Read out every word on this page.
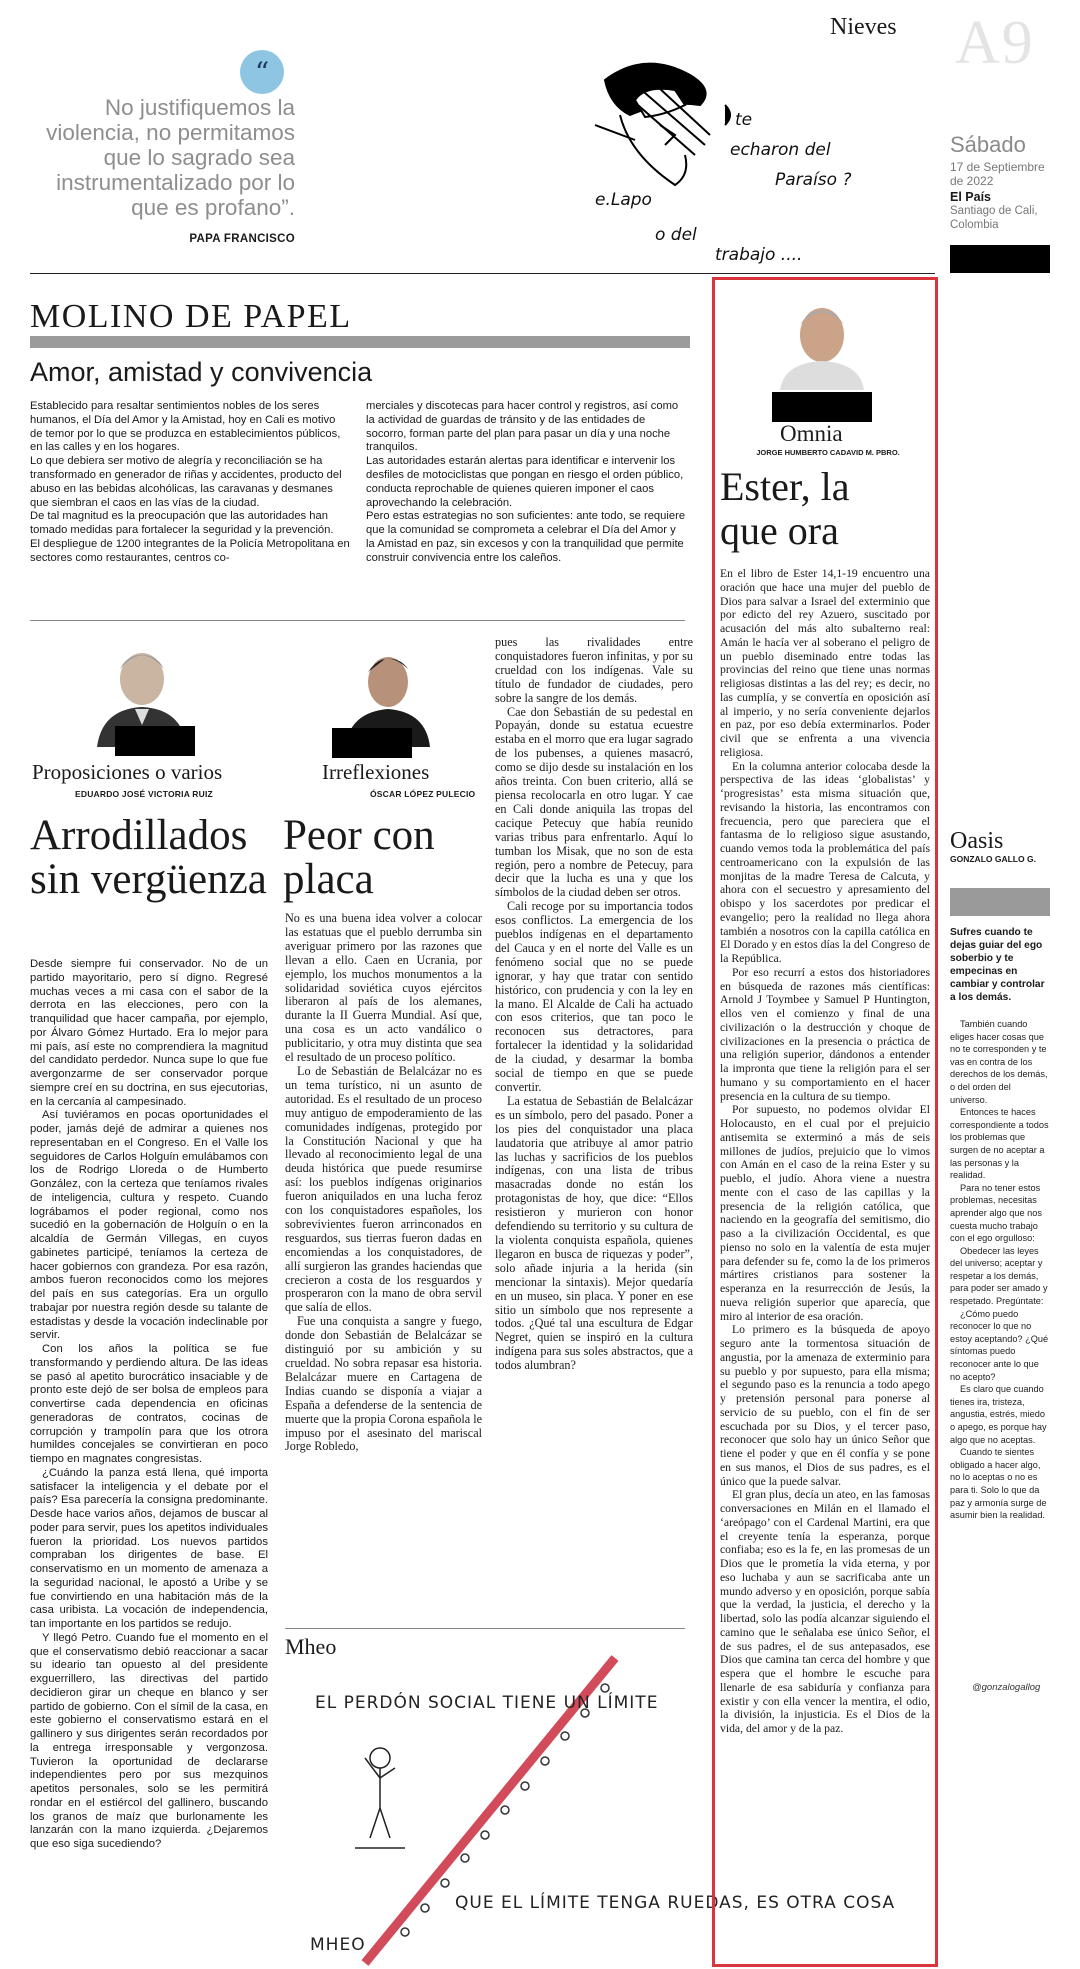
“
No justifiquemos la violencia, no permitamos que lo sagrado sea instrumentalizado por lo que es profano”.
PAPA FRANCISCO
Nieves
e.Lapo
te
echaron del
Paraíso ?
o del
trabajo ....
A9
Sábado
17 de Septiembre de 2022
El País
Santiago de Cali, Colombia
MOLINO DE PAPEL
Amor, amistad y convivencia

Establecido para resaltar sentimientos nobles de los seres humanos, el Día del Amor y la Amistad, hoy en Cali es motivo de temor por lo que se produzca en establecimientos públicos, en las calles y en los hogares.

Lo que debiera ser motivo de alegría y reconciliación se ha transformado en generador de riñas y accidentes, producto del abuso en las bebidas alcohólicas, las caravanas y desmanes que siembran el caos en las vías de la ciudad.

De tal magnitud es la preocupación que las autoridades han tomado medidas para fortalecer la seguridad y la prevención.

El despliegue de 1200 integrantes de la Policía Metropolitana en sectores como restaurantes, centros co-

merciales y discotecas para hacer control y registros, así como la actividad de guardas de tránsito y de las entidades de socorro, forman parte del plan para pasar un día y una noche tranquilos.

Las autoridades estarán alertas para identificar e intervenir los desfiles de motociclistas que pongan en riesgo el orden público, conducta reprochable de quienes quieren imponer el caos aprovechando la celebración.

Pero estas estrategias no son suficientes: ante todo, se requiere que la comunidad se comprometa a celebrar el Día del Amor y la Amistad en paz, sin excesos y con la tranquilidad que permite construir convivencia entre los caleños.

Proposiciones o varios
EDUARDO JOSÉ VICTORIA RUIZ
Arrodillados sin vergüenza

Desde siempre fui conservador. No de un partido mayoritario, pero sí digno. Regresé muchas veces a mi casa con el sabor de la derrota en las elecciones, pero con la tranquilidad que hacer campaña, por ejemplo, por Álvaro Gómez Hurtado. Era lo mejor para mi país, así este no comprendiera la magnitud del candidato perdedor. Nunca supe lo que fue avergonzarme de ser conservador porque siempre creí en su doctrina, en sus ejecutorias, en la cercanía al campesinado.

Así tuviéramos en pocas oportunidades el poder, jamás dejé de admirar a quienes nos representaban en el Congreso. En el Valle los seguidores de Carlos Holguín emulábamos con los de Rodrigo Lloreda o de Humberto González, con la certeza que teníamos rivales de inteligencia, cultura y respeto. Cuando lográbamos el poder regional, como nos sucedió en la gobernación de Holguín o en la alcaldía de Germán Villegas, en cuyos gabinetes participé, teníamos la certeza de hacer gobiernos con grandeza. Por esa razón, ambos fueron reconocidos como los mejores del país en sus categorías. Era un orgullo trabajar por nuestra región desde su talante de estadistas y desde la vocación indeclinable por servir.

Con los años la política se fue transformando y perdiendo altura. De las ideas se pasó al apetito burocrático insaciable y de pronto este dejó de ser bolsa de empleos para convertirse cada dependencia en oficinas generadoras de contratos, cocinas de corrupción y trampolín para que los otrora humildes concejales se convirtieran en poco tiempo en magnates congresistas.

¿Cuándo la panza está llena, qué importa satisfacer la inteligencia y el debate por el país? Esa parecería la consigna predominante. Desde hace varios años, dejamos de buscar al poder para servir, pues los apetitos individuales fueron la prioridad. Los nuevos partidos compraban los dirigentes de base. El conservatismo en un momento de amenaza a la seguridad nacional, le apostó a Uribe y se fue convirtiendo en una habitación más de la casa uribista. La vocación de independencia, tan importante en los partidos se redujo.

Y llegó Petro. Cuando fue el momento en el que el conservatismo debió reaccionar a sacar su ideario tan opuesto al del presidente exguerrillero, las directivas del partido decidieron girar un cheque en blanco y ser partido de gobierno. Con el símil de la casa, en este gobierno el conservatismo estará en el gallinero y sus dirigentes serán recordados por la entrega irresponsable y vergonzosa. Tuvieron la oportunidad de declararse independientes pero por sus mezquinos apetitos personales, solo se les permitirá rondar en el estiércol del gallinero, buscando los granos de maíz que burlonamente les lanzarán con la mano izquierda. ¿Dejaremos que eso siga sucediendo?

Irreflexiones
ÓSCAR LÓPEZ PULECIO
Peor con placa

No es una buena idea volver a colocar las estatuas que el pueblo derrumba sin averiguar primero por las razones que llevan a ello. Caen en Ucrania, por ejemplo, los muchos monumentos a la solidaridad soviética cuyos ejércitos liberaron al país de los alemanes, durante la II Guerra Mundial. Así que, una cosa es un acto vandálico o publicitario, y otra muy distinta que sea el resultado de un proceso político.

Lo de Sebastián de Belalcázar no es un tema turístico, ni un asunto de autoridad. Es el resultado de un proceso muy antiguo de empoderamiento de las comunidades indígenas, protegido por la Constitución Nacional y que ha llevado al reconocimiento legal de una deuda histórica que puede resumirse así: los pueblos indígenas originarios fueron aniquilados en una lucha feroz con los conquistadores españoles, los sobrevivientes fueron arrinconados en resguardos, sus tierras fueron dadas en encomiendas a los conquistadores, de allí surgieron las grandes haciendas que crecieron a costa de los resguardos y prosperaron con la mano de obra servil que salía de ellos.

Fue una conquista a sangre y fuego, donde don Sebastián de Belalcázar se distinguió por su ambición y su crueldad. No sobra repasar esa historia. Belalcázar muere en Cartagena de Indias cuando se disponía a viajar a España a defenderse de la sentencia de muerte que la propia Corona española le impuso por el asesinato del mariscal Jorge Robledo,

pues las rivalidades entre conquistadores fueron infinitas, y por su crueldad con los indígenas. Vale su título de fundador de ciudades, pero sobre la sangre de los demás.

Cae don Sebastián de su pedestal en Popayán, donde su estatua ecuestre estaba en el morro que era lugar sagrado de los pubenses, a quienes masacró, como se dijo desde su instalación en los años treinta. Con buen criterio, allá se piensa recolocarla en otro lugar. Y cae en Cali donde aniquila las tropas del cacique Petecuy que había reunido varias tribus para enfrentarlo. Aquí lo tumban los Misak, que no son de esta región, pero a nombre de Petecuy, para decir que la lucha es una y que los símbolos de la ciudad deben ser otros.

Cali recoge por su importancia todos esos conflictos. La emergencia de los pueblos indígenas en el departamento del Cauca y en el norte del Valle es un fenómeno social que no se puede ignorar, y hay que tratar con sentido histórico, con prudencia y con la ley en la mano. El Alcalde de Cali ha actuado con esos criterios, que tan poco le reconocen sus detractores, para fortalecer la identidad y la solidaridad de la ciudad, y desarmar la bomba social de tiempo en que se puede convertir.

La estatua de Sebastián de Belalcázar es un símbolo, pero del pasado. Poner a los pies del conquistador una placa laudatoria que atribuye al amor patrio las luchas y sacrificios de los pueblos indígenas, con una lista de tribus masacradas donde no están los protagonistas de hoy, que dice: “Ellos resistieron y murieron con honor defendiendo su territorio y su cultura de la violenta conquista española, quienes llegaron en busca de riquezas y poder”, solo añade injuria a la herida (sin mencionar la sintaxis). Mejor quedaría en un museo, sin placa. Y poner en ese sitio un símbolo que nos represente a todos. ¿Qué tal una escultura de Edgar Negret, quien se inspiró en la cultura indígena para sus soles abstractos, que a todos alumbran?

Mheo
EL PERDÓN SOCIAL TIENE UN LÍMITE
QUE EL LÍMITE TENGA RUEDAS, ES OTRA COSA
MHEO
Omnia
JORGE HUMBERTO CADAVID M. PBRO.
Ester, la que ora

En el libro de Ester 14,1-19 encuentro una oración que hace una mujer del pueblo de Dios para salvar a Israel del exterminio que por edicto del rey Azuero, suscitado por acusación del más alto subalterno real: Amán le hacía ver al soberano el peligro de un pueblo diseminado entre todas las provincias del reino que tiene unas normas religiosas distintas a las del rey; es decir, no las cumplía, y se convertía en oposición así al imperio, y no sería conveniente dejarlos en paz, por eso debía exterminarlos. Poder civil que se enfrenta a una vivencia religiosa.

En la columna anterior colocaba desde la perspectiva de las ideas ‘globalistas’ y ‘progresistas’ esta misma situación que, revisando la historia, las encontramos con frecuencia, pero que pareciera que el fantasma de lo religioso sigue asustando, cuando vemos toda la problemática del país centroamericano con la expulsión de las monjitas de la madre Teresa de Calcuta, y ahora con el secuestro y apresamiento del obispo y los sacerdotes por predicar el evangelio; pero la realidad no llega ahora también a nosotros con la capilla católica en El Dorado y en estos días la del Congreso de la República.

Por eso recurrí a estos dos historiadores en búsqueda de razones más científicas: Arnold J Toymbee y Samuel P Huntington, ellos ven el comienzo y final de una civilización o la destrucción y choque de civilizaciones en la presencia o práctica de una religión superior, dándonos a entender la impronta que tiene la religión para el ser humano y su comportamiento en el hacer presencia en la cultura de su tiempo.

Por supuesto, no podemos olvidar El Holocausto, en el cual por el prejuicio antisemita se exterminó a más de seis millones de judíos, prejuicio que lo vimos con Amán en el caso de la reina Ester y su pueblo, el judío. Ahora viene a nuestra mente con el caso de las capillas y la presencia de la religión católica, que naciendo en la geografía del semitismo, dio paso a la civilización Occidental, es que pienso no solo en la valentía de esta mujer para defender su fe, como la de los primeros mártires cristianos para sostener la esperanza en la resurrección de Jesús, la nueva religión superior que aparecía, que miro al interior de esa oración.

Lo primero es la búsqueda de apoyo seguro ante la tormentosa situación de angustia, por la amenaza de exterminio para su pueblo y por supuesto, para ella misma; el segundo paso es la renuncia a todo apego y pretensión personal para ponerse al servicio de su pueblo, con el fin de ser escuchada por su Dios, y el tercer paso, reconocer que solo hay un único Señor que tiene el poder y que en él confía y se pone en sus manos, el Dios de sus padres, es el único que la puede salvar.

El gran plus, decía un ateo, en las famosas conversaciones en Milán en el llamado el ‘areópago’ con el Cardenal Martini, era que el creyente tenía la esperanza, porque confiaba; eso es la fe, en las promesas de un Dios que le prometía la vida eterna, y por eso luchaba y aun se sacrificaba ante un mundo adverso y en oposición, porque sabía que la verdad, la justicia, el derecho y la libertad, solo las podía alcanzar siguiendo el camino que le señalaba ese único Señor, el de sus padres, el de sus antepasados, ese Dios que camina tan cerca del hombre y que espera que el hombre le escuche para llenarle de esa sabiduría y confianza para existir y con ella vencer la mentira, el odio, la división, la injusticia. Es el Dios de la vida, del amor y de la paz.

Oasis
GONZALO GALLO G.
Sufres cuando te dejas guiar del ego soberbio y te empecinas en cambiar y controlar a los demás.

También cuando eliges hacer cosas que no te corresponden y te vas en contra de los derechos de los demás, o del orden del universo.

Entonces te haces correspondiente a todos los problemas que surgen de no aceptar a las personas y la realidad.

Para no tener estos problemas, necesitas aprender algo que nos cuesta mucho trabajo con el ego orgulloso:

Obedecer las leyes del universo; aceptar y respetar a los demás, para poder ser amado y respetado. Pregúntate:

¿Cómo puedo reconocer lo que no estoy aceptando? ¿Qué síntomas puedo reconocer ante lo que no acepto?

Es claro que cuando tienes ira, tristeza, angustia, estrés, miedo o apego, es porque hay algo que no aceptas.

Cuando te sientes obligado a hacer algo, no lo aceptas o no es para ti. Solo lo que da paz y armonía surge de asumir bien la realidad.

@gonzalogallog
